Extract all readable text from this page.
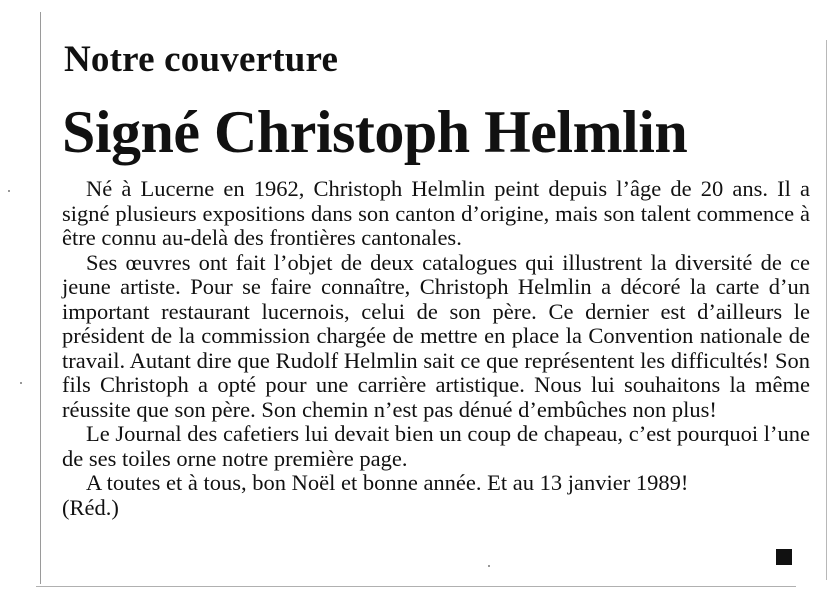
Notre couverture
Signé Christoph Helmlin

Né à Lucerne en 1962, Christoph Helmlin peint depuis l’âge de 20 ans. Il a signé plusieurs expositions dans son canton d’origine, mais son talent commence à être connu au-delà des frontières cantonales.

Ses œuvres ont fait l’objet de deux catalogues qui illustrent la diversité de ce jeune artiste. Pour se faire connaître, Christoph Helmlin a décoré la carte d’un important restaurant lucernois, celui de son père. Ce dernier est d’ailleurs le président de la commission chargée de mettre en place la Convention nationale de travail. Autant dire que Rudolf Helmlin sait ce que représentent les difficultés! Son fils Christoph a opté pour une carrière artistique. Nous lui souhaitons la même réussite que son père. Son chemin n’est pas dénué d’embûches non plus!

Le Journal des cafetiers lui devait bien un coup de chapeau, c’est pourquoi l’une de ses toiles orne notre première page.

A toutes et à tous, bon Noël et bonne année. Et au 13 janvier 1989!

(Réd.)
